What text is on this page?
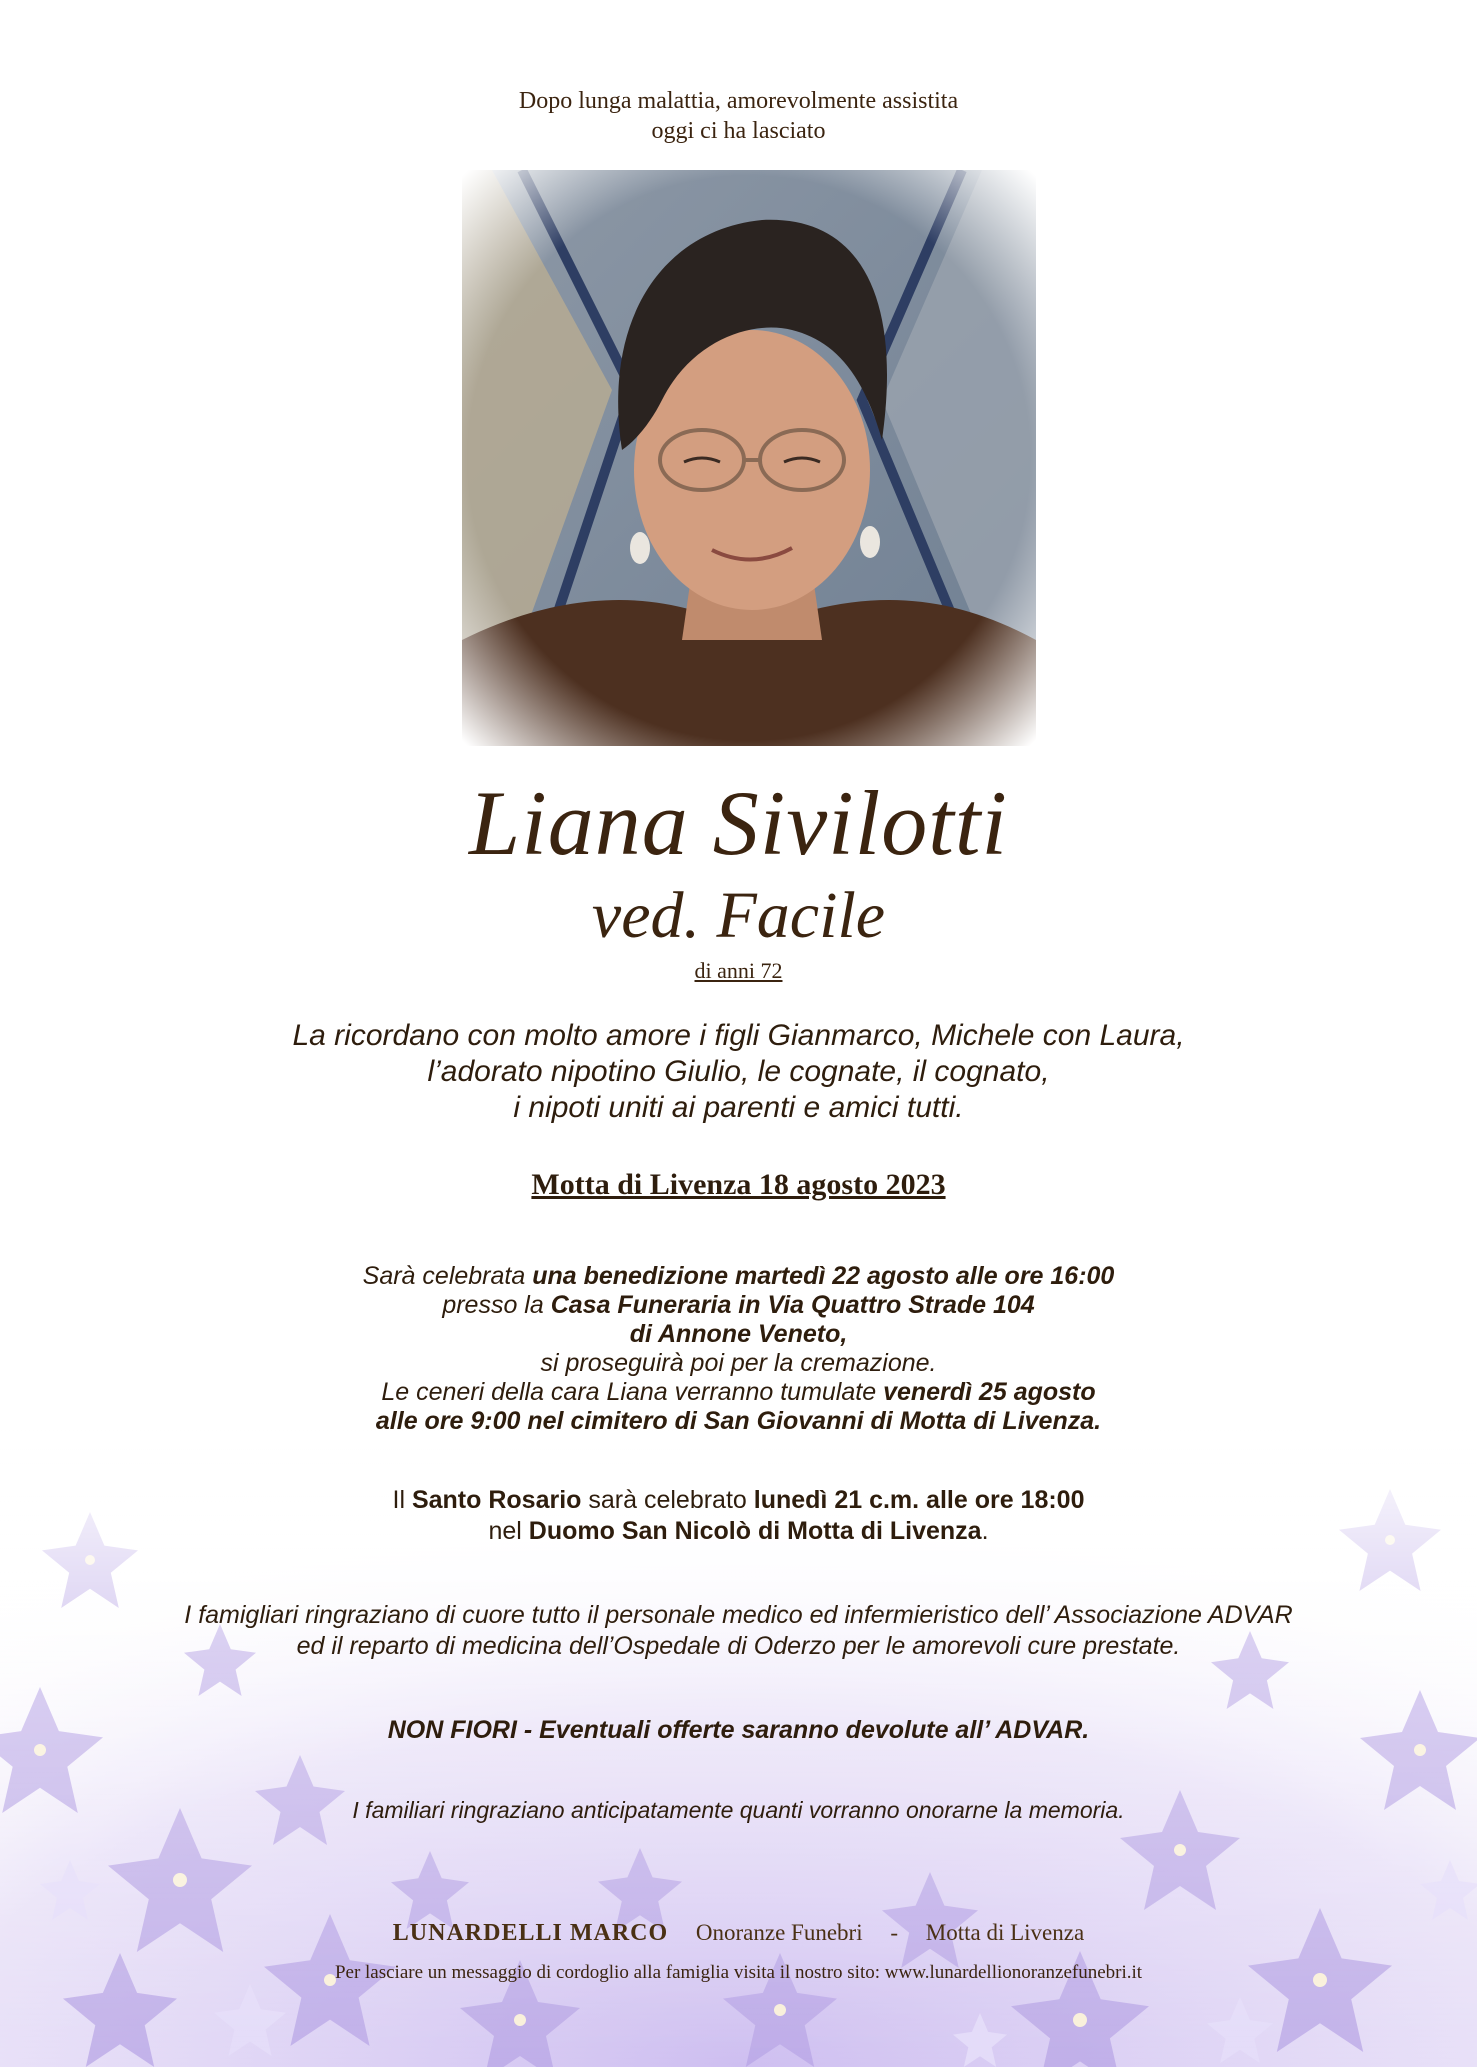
Dopo lunga malattia, amorevolmente assistita
oggi ci ha lasciato
Liana Sivilotti
ved. Facile
di anni 72
La ricordano con molto amore i figli Gianmarco, Michele con Laura,
l’adorato nipotino Giulio, le cognate, il cognato,
i nipoti uniti ai parenti e amici tutti.
Motta di Livenza 18 agosto 2023
Sarà celebrata una benedizione martedì 22 agosto alle ore 16:00
presso la Casa Funeraria in Via Quattro Strade 104
di Annone Veneto,
si proseguirà poi per la cremazione.
Le ceneri della cara Liana verranno tumulate venerdì 25 agosto
alle ore 9:00 nel cimitero di San Giovanni di Motta di Livenza.
Il Santo Rosario sarà celebrato lunedì 21 c.m. alle ore 18:00
nel Duomo San Nicolò di Motta di Livenza.
I famigliari ringraziano di cuore tutto il personale medico ed infermieristico dell’ Associazione ADVAR
ed il reparto di medicina dell’Ospedale di Oderzo per le amorevoli cure prestate.
NON FIORI - Eventuali offerte saranno devolute all’ ADVAR.
I familiari ringraziano anticipatamente quanti vorranno onorarne la memoria.
LUNARDELLI MARCO Onoranze Funebri - Motta di Livenza
Per lasciare un messaggio di cordoglio alla famiglia visita il nostro sito: www.lunardellionoranzefunebri.it
